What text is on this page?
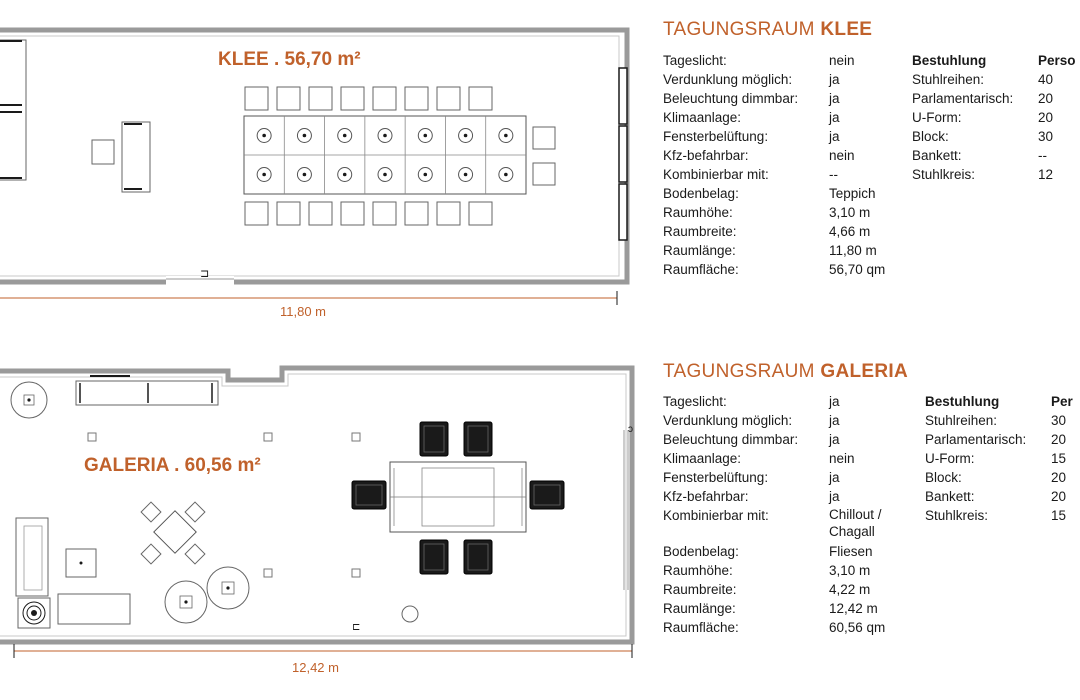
⊐
KLEE . 56,70 m²
11,80 m
⊏
ɔ
GALERIA . 60,56 m²
12,42 m
TAGUNGSRAUM KLEE
Tageslicht:
Verdunklung möglich:
Beleuchtung dimmbar:
Klimaanlage:
Fensterbelüftung:
Kfz-befahrbar:
Kombinierbar mit:
Bodenbelag:
Raumhöhe:
Raumbreite:
Raumlänge:
Raumfläche:
nein
ja
ja
ja
ja
nein
--
Teppich
3,10 m
4,66 m
11,80 m
56,70 qm
Bestuhlung
Stuhlreihen:
Parlamentarisch:
U-Form:
Block:
Bankett:
Stuhlkreis:
Perso
40
20
20
30
--
12
TAGUNGSRAUM GALERIA
Tageslicht:
Verdunklung möglich:
Beleuchtung dimmbar:
Klimaanlage:
Fensterbelüftung:
Kfz-befahrbar:
Kombinierbar mit:
Bodenbelag:
Raumhöhe:
Raumbreite:
Raumlänge:
Raumfläche:
ja
ja
ja
nein
ja
ja
Chillout / Chagall
Fliesen
3,10 m
4,22 m
12,42 m
60,56 qm
Bestuhlung
Stuhlreihen:
Parlamentarisch:
U-Form:
Block:
Bankett:
Stuhlkreis:
Per
30
20
15
20
20
15
